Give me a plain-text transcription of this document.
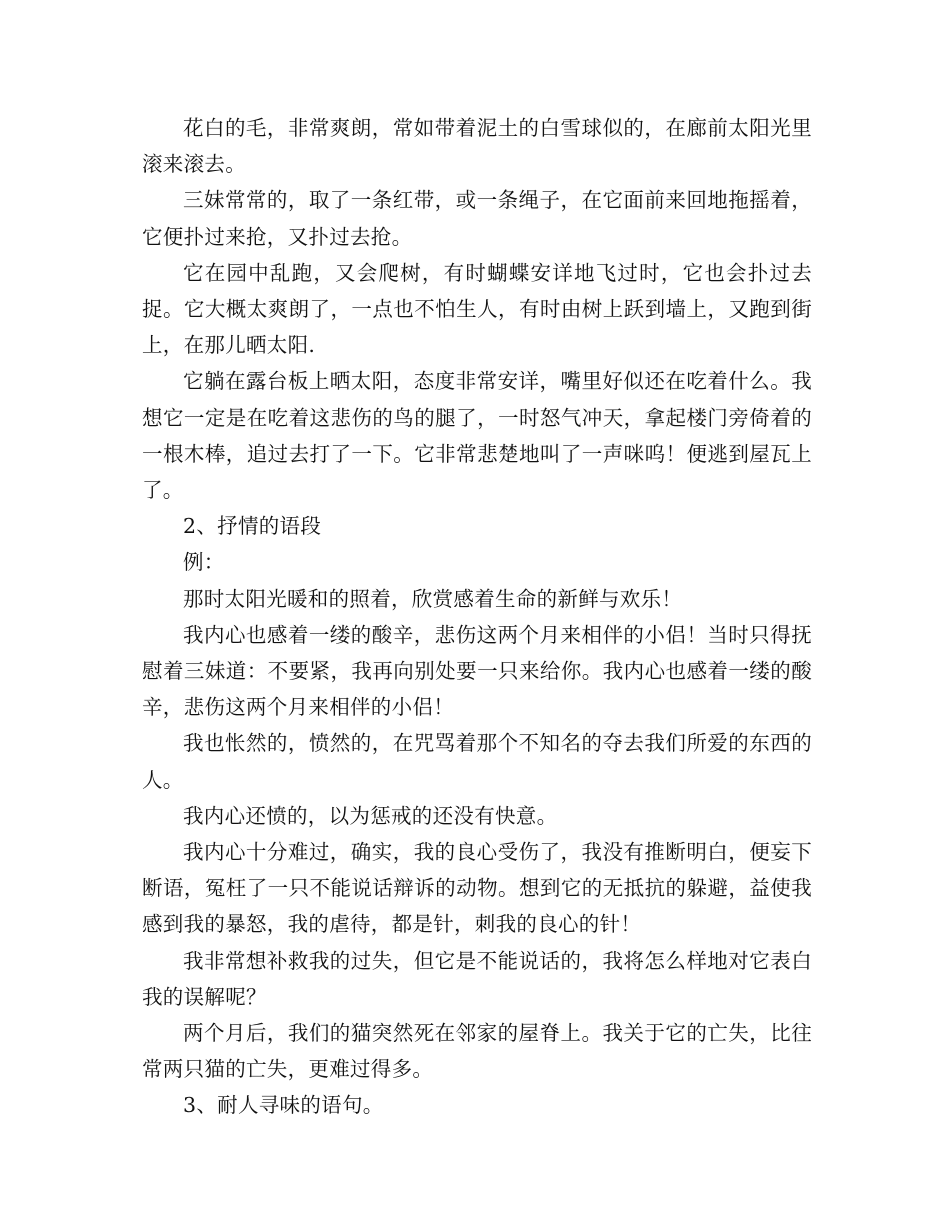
花白的毛，非常爽朗，常如带着泥土的白雪球似的，在廊前太阳光里滚来滚去。

三妹常常的，取了一条红带，或一条绳子，在它面前来回地拖摇着，它便扑过来抢，又扑过去抢。

它在园中乱跑，又会爬树，有时蝴蝶安详地飞过时，它也会扑过去捉。它大概太爽朗了，一点也不怕生人，有时由树上跃到墙上，又跑到街上，在那儿晒太阳.

它躺在露台板上晒太阳，态度非常安详，嘴里好似还在吃着什么。我想它一定是在吃着这悲伤的鸟的腿了，一时怒气冲天，拿起楼门旁倚着的一根木棒，追过去打了一下。它非常悲楚地叫了一声咪呜！便逃到屋瓦上了。

2、抒情的语段

例：

那时太阳光暖和的照着，欣赏感着生命的新鲜与欢乐！

我内心也感着一缕的酸辛，悲伤这两个月来相伴的小侣！当时只得抚慰着三妹道：不要紧，我再向别处要一只来给你。我内心也感着一缕的酸辛，悲伤这两个月来相伴的小侣！

我也怅然的，愤然的，在咒骂着那个不知名的夺去我们所爱的东西的人。

我内心还愤的，以为惩戒的还没有快意。

我内心十分难过，确实，我的良心受伤了，我没有推断明白，便妄下断语，冤枉了一只不能说话辩诉的动物。想到它的无抵抗的躲避，益使我感到我的暴怒，我的虐待，都是针，刺我的良心的针！

我非常想补救我的过失，但它是不能说话的，我将怎么样地对它表白我的误解呢？

两个月后，我们的猫突然死在邻家的屋脊上。我关于它的亡失，比往常两只猫的亡失，更难过得多。

3、耐人寻味的语句。
